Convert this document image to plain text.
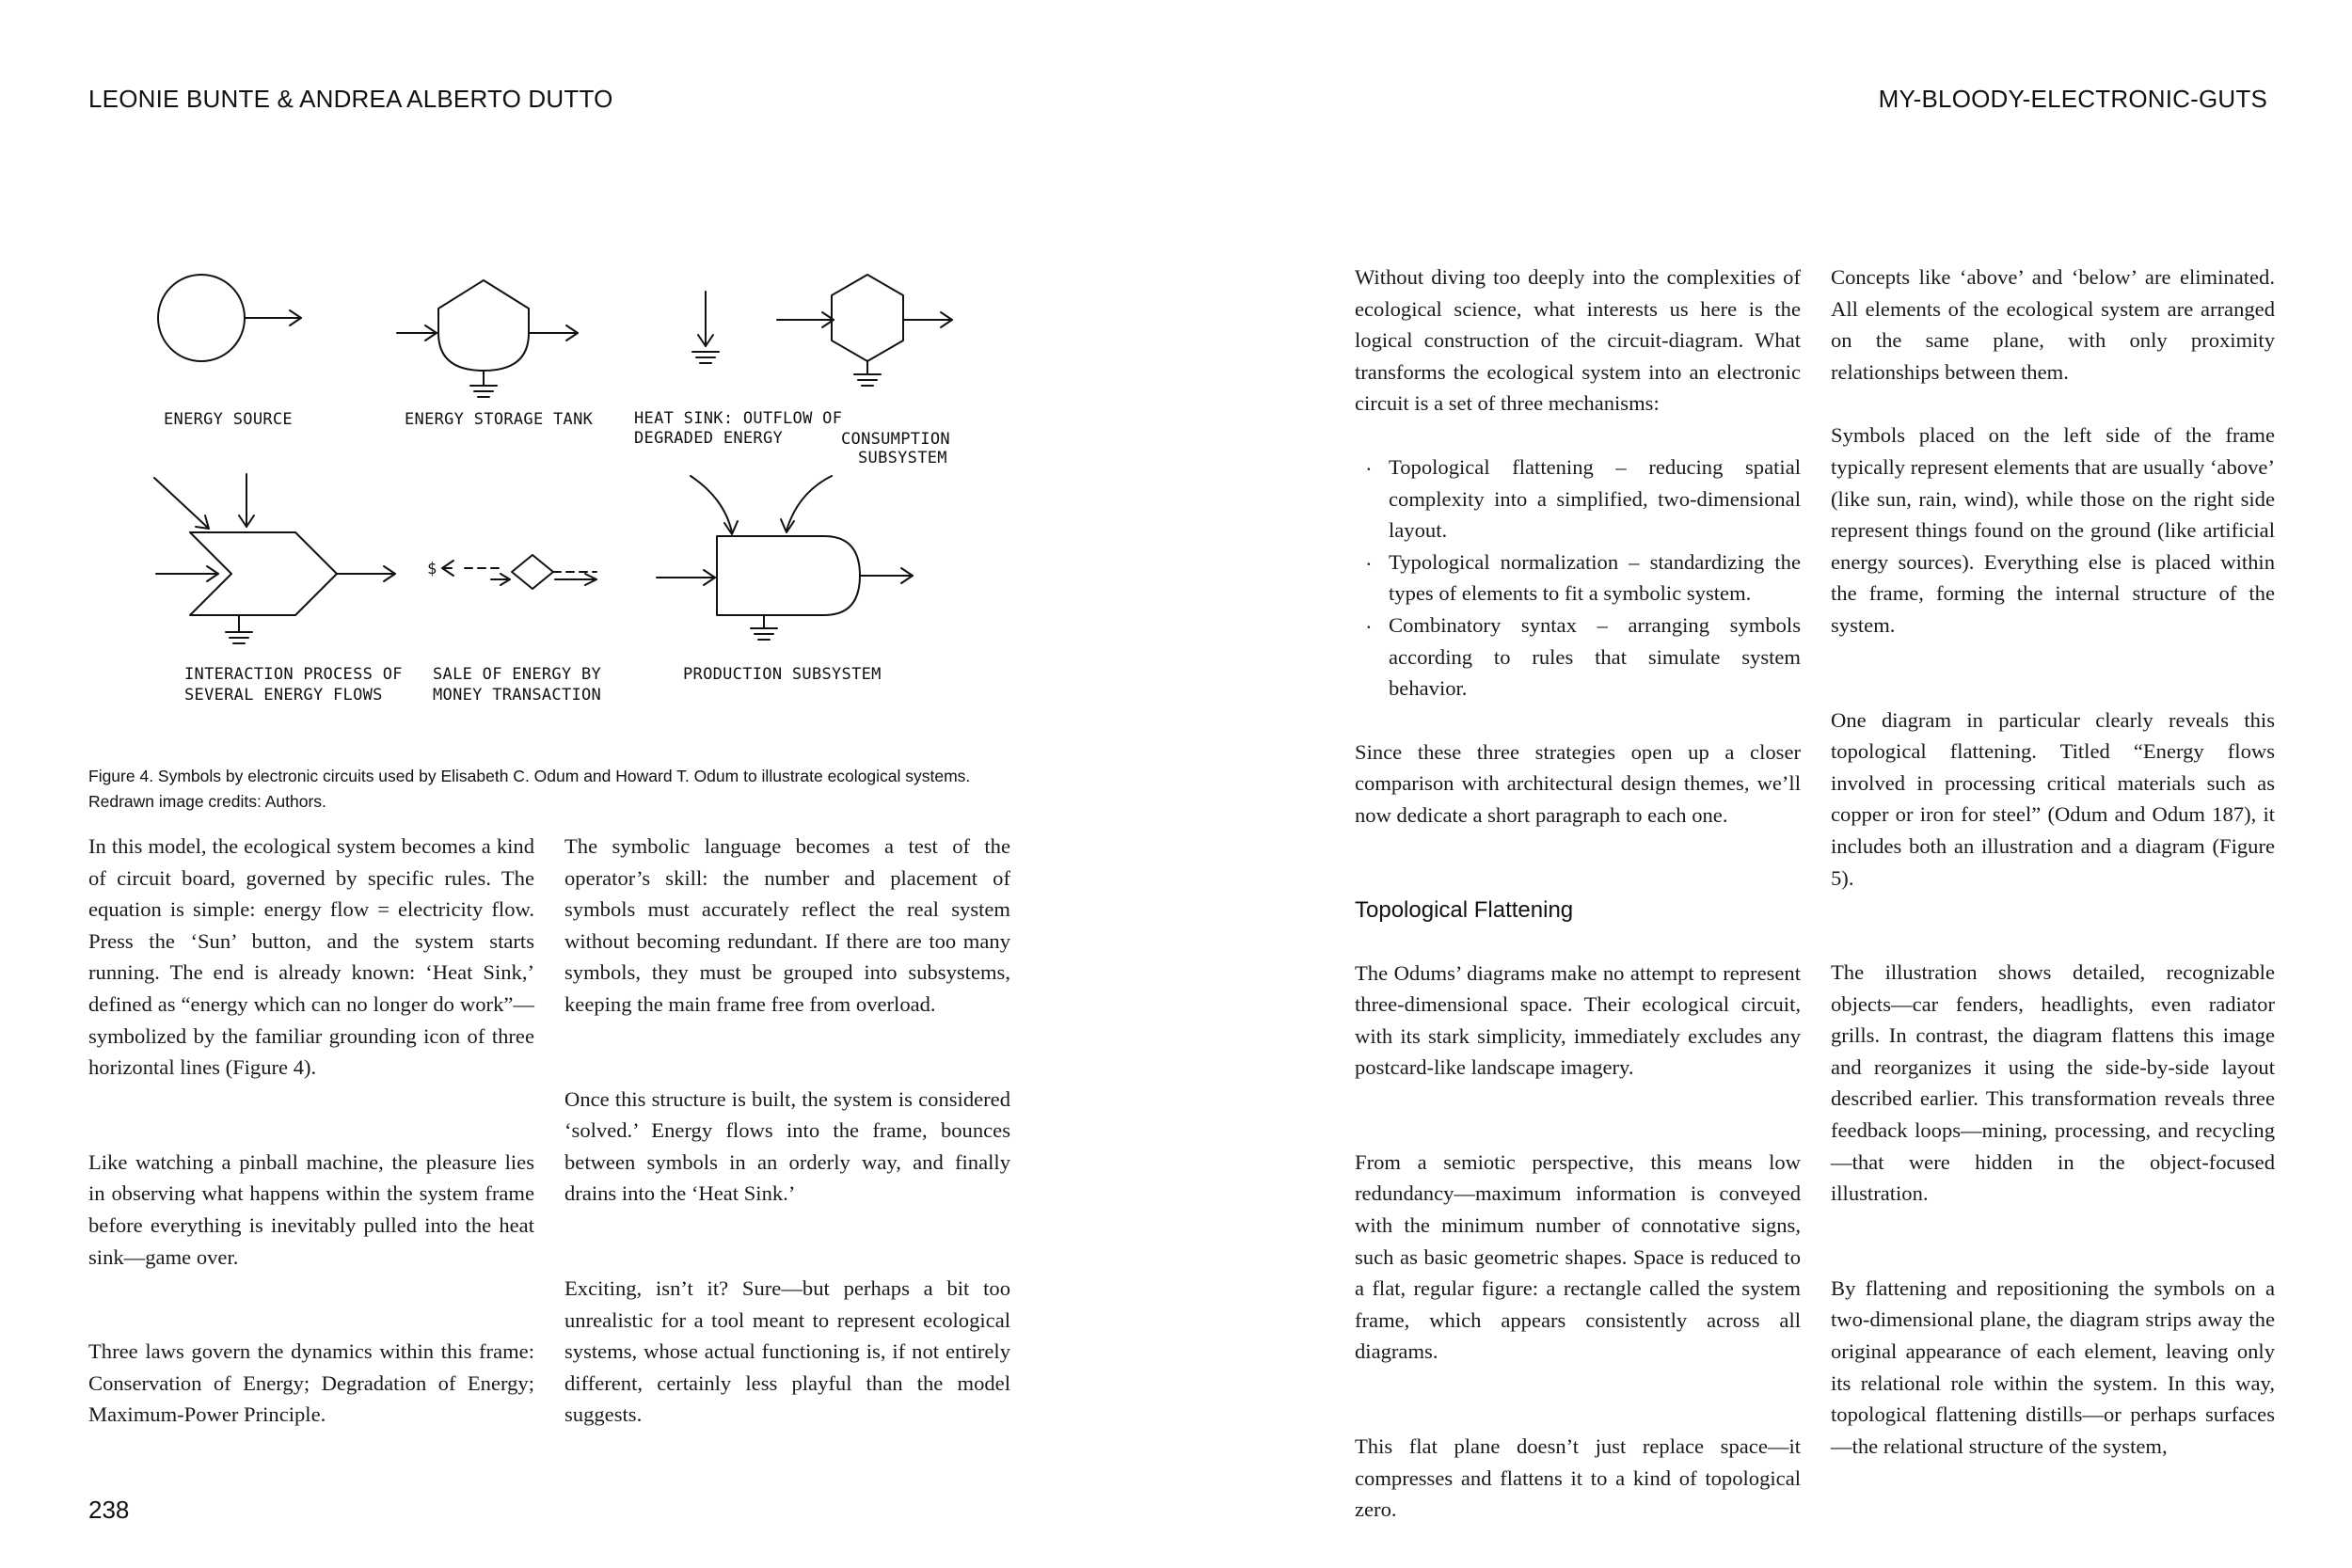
LEONIE BUNTE & ANDREA ALBERTO DUTTO	MY-BLOODY-ELECTRONIC-GUTS
ENERGY SOURCE	ENERGY STORAGE TANK	HEAT SINK: OUTFLOW OF
DEGRADED ENERGY	CONSUMPTION
SUBSYSTEM
INTERACTION PROCESS OF
SEVERAL ENERGY FLOWS
$
SALE OF ENERGY BY
MONEY TRANSACTION
PRODUCTION SUBSYSTEM
Figure 4. Symbols by electronic circuits used by Elisabeth C. Odum and Howard T. Odum to illustrate ecological systems.
Redrawn image credits: Authors.

In this model, the ecological system becomes a kind of circuit board, governed by specific rules. The equation is simple: energy flow = electricity flow. Press the ‘Sun’ button, and the system starts running. The end is already known: ‘Heat Sink,’ defined as “energy which can no longer do work”—symbolized by the familiar grounding icon of three horizontal lines (Figure 4).

Like watching a pinball machine, the pleasure lies in observing what happens within the system frame before everything is inevitably pulled into the heat sink—game over.

Three laws govern the dynamics within this frame: Conservation of Energy; Degradation of Energy; Maximum-Power Principle.

The symbolic language becomes a test of the operator’s skill: the number and placement of symbols must accurately reflect the real system without becoming redundant. If there are too many symbols, they must be grouped into subsystems, keeping the main frame free from overload.

Once this structure is built, the system is considered ‘solved.’ Energy flows into the frame, bounces between symbols in an orderly way, and finally drains into the ‘Heat Sink.’

Exciting, isn’t it? Sure—but perhaps a bit too unrealistic for a tool meant to represent ecological systems, whose actual functioning is, if not entirely different, certainly less playful than the model suggests.

Without diving too deeply into the complexities of ecological science, what interests us here is the logical construction of the circuit-diagram. What transforms the ecological system into an electronic circuit is a set of three mechanisms:

. Topological flattening – reducing spatial complexity into a simplified, two-dimensional layout.
. Typological normalization – standardizing the types of elements to fit a symbolic system.
. Combinatory syntax – arranging symbols according to rules that simulate system behavior.

Since these three strategies open up a closer comparison with architectural design themes, we’ll now dedicate a short paragraph to each one.

Topological Flattening

The Odums’ diagrams make no attempt to represent three-dimensional space. Their ecological circuit, with its stark simplicity, immediately excludes any postcard-like landscape imagery.

From a semiotic perspective, this means low redundancy—maximum information is conveyed with the minimum number of connotative signs, such as basic geometric shapes. Space is reduced to a flat, regular figure: a rectangle called the system frame, which appears consistently across all diagrams.

This flat plane doesn’t just replace space—it compresses and flattens it to a kind of topological zero.

Concepts like ‘above’ and ‘below’ are eliminated. All elements of the ecological system are arranged on the same plane, with only proximity relationships between them.

Symbols placed on the left side of the frame typically represent elements that are usually ‘above’ (like sun, rain, wind), while those on the right side represent things found on the ground (like artificial energy sources). Everything else is placed within the frame, forming the internal structure of the system.

One diagram in particular clearly reveals this topological flattening. Titled “Energy flows involved in processing critical materials such as copper or iron for steel” (Odum and Odum 187), it includes both an illustration and a diagram (Figure 5).

The illustration shows detailed, recognizable objects—car fenders, headlights, even radiator grills. In contrast, the diagram flattens this image and reorganizes it using the side-by-side layout described earlier. This transformation reveals three feedback loops—mining, processing, and recycling—that were hidden in the object-focused illustration.

By flattening and repositioning the symbols on a two-dimensional plane, the diagram strips away the original appearance of each element, leaving only its relational role within the system. In this way, topological flattening distills—or perhaps surfaces—the relational structure of the system,

238
